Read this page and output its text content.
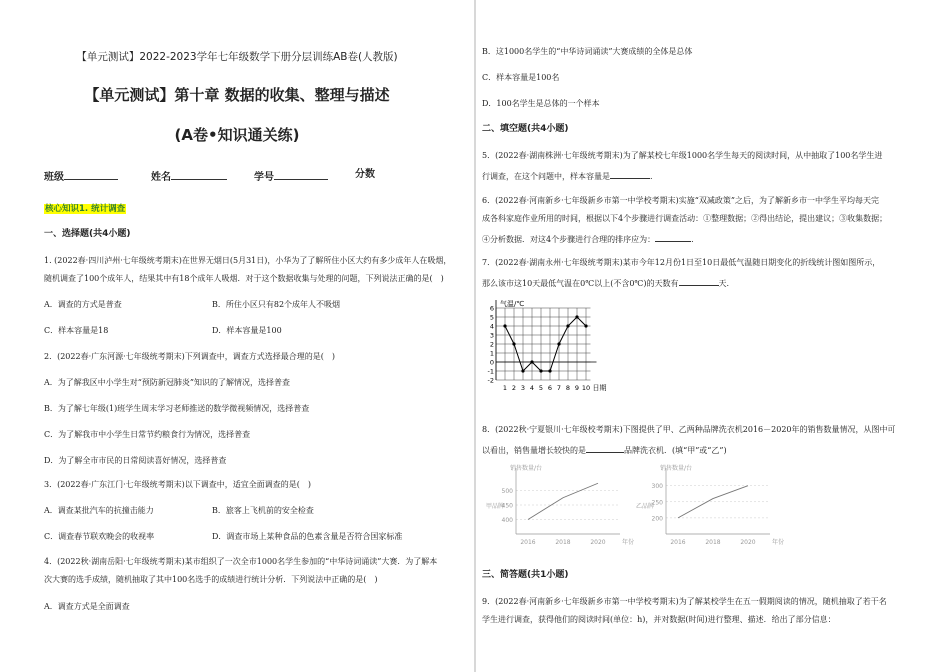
【单元测试】2022-2023学年七年级数学下册分层训练AB卷(人教版)
【单元测试】第十章 数据的收集、整理与描述
(A卷•知识通关练)
班级	姓名	学号	分数
核心知识1. 统计调查
一、选择题(共4小题)
1. (2022春·四川泸州·七年级统考期末)在世界无烟日(5月31日)，小华为了了解所住小区大约有多少成年人在吸烟，
随机调查了100个成年人，结果其中有18个成年人吸烟．对于这个数据收集与处理的问题，下列说法正确的是(　)
A．调查的方式是普查	B．所住小区只有82个成年人不吸烟
C．样本容量是18	D．样本容量是100
2．(2022春·广东河源·七年级统考期末)下列调查中，调查方式选择最合理的是(　)
A．为了解我区中小学生对“预防新冠肺炎”知识的了解情况，选择普查
B．为了解七年级(1)班学生周末学习老师推送的数学微视频情况，选择普查
C．为了解我市中小学生日常节约粮食行为情况，选择普查
D．为了解全市市民的日常阅读喜好情况，选择普查
3．(2022春·广东江门·七年级统考期末)以下调查中，适宜全面调查的是(　)
A．调查某批汽车的抗撞击能力	B．旅客上飞机前的安全检查
C．调查春节联欢晚会的收视率	D．调查市场上某种食品的色素含量是否符合国家标准
4．(2022秋·湖南岳阳·七年级统考期末)某市组织了一次全市1000名学生参加的“中华诗词诵读”大赛．为了解本
次大赛的选手成绩，随机抽取了其中100名选手的成绩进行统计分析．下列说法中正确的是(　)
A．调查方式是全面调查
B．这1000名学生的“中华诗词诵读”大赛成绩的全体是总体
C．样本容量是100名
D．100名学生是总体的一个样本
二、填空题(共4小题)
5．(2022春·湖南株洲·七年级统考期末)为了解某校七年级1000名学生每天的阅读时间，从中抽取了100名学生进
行调查，在这个问题中，样本容量是	.
6．(2022春·河南新乡·七年级新乡市第一中学校考期末)实施“双减政策”之后，为了解新乡市一中学生平均每天完
成各科家庭作业所用的时间，根据以下4个步骤进行调查活动：①整理数据；②得出结论，提出建议；③收集数据；
④分析数据．对这4个步骤进行合理的排序应为：	.
7．(2022春·湖南永州·七年级统考期末)某市今年12月份1日至10日最低气温随日期变化的折线统计图如图所示，
那么该市这10天最低气温在0℃以上(不含0℃)的天数有	天.
气温/℃
日期
-2
-1
0
1
2
3
4
5
6
1 2 3 4 5 6 7 8 9 10
8．(2022秋·宁夏银川·七年级校考期末)下图提供了甲、乙两种品牌洗衣机2016－2020年的销售数量情况，从图中可
以看出，销售量增长较快的是	品牌洗衣机．(填“甲”或“乙”)
400
450
500
销售数量/台
年份
甲品牌
2016	2018	2020
200
250
300
销售数量/台
年份
乙品牌
2016	2018	2020
三、简答题(共1小题)
9．(2022春·河南新乡·七年级新乡市第一中学校考期末)为了解某校学生在五一假期阅读的情况，随机抽取了若干名
学生进行调查，获得他们的阅读时间(单位：h)，并对数据(时间)进行整理、描述．给出了部分信息：
